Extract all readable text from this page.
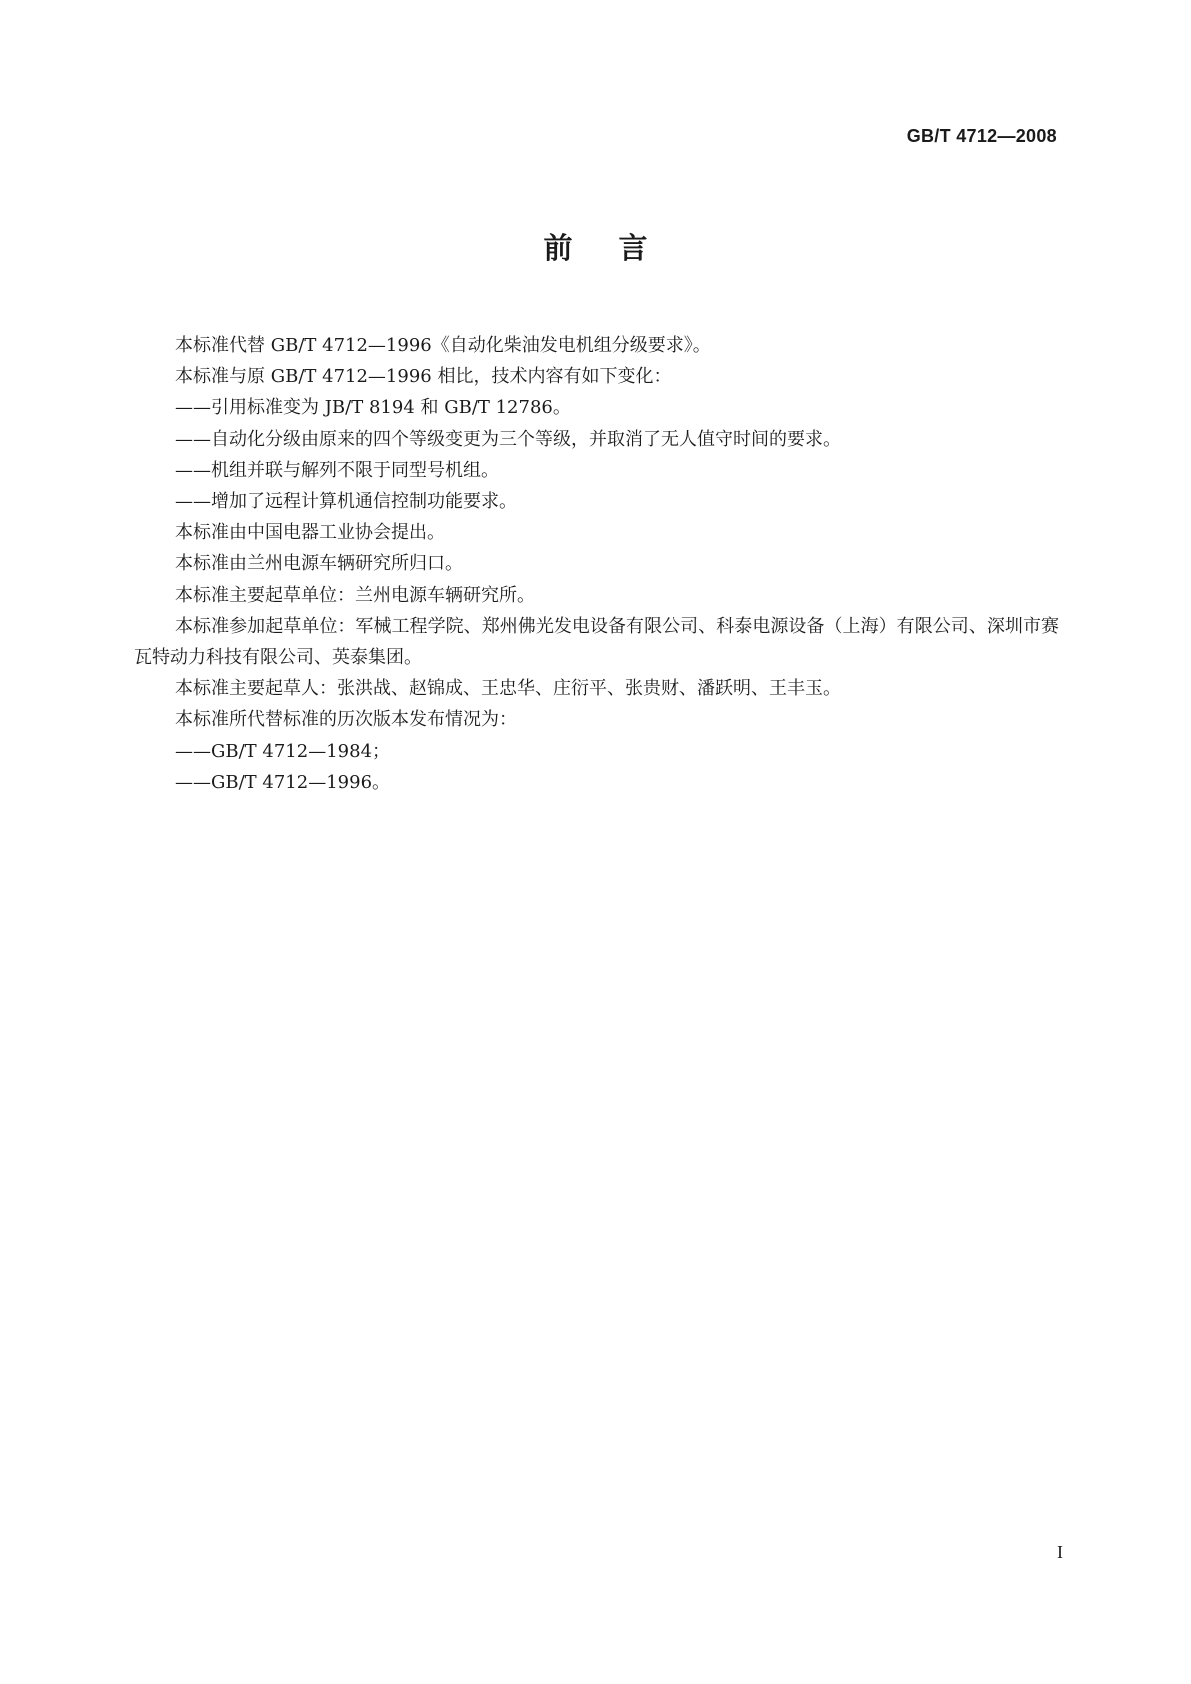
GB/T 4712—2008
前言

本标准代替 GB/T 4712—1996《自动化柴油发电机组分级要求》。

本标准与原 GB/T 4712—1996 相比，技术内容有如下变化：

——引用标准变为 JB/T 8194 和 GB/T 12786。

——自动化分级由原来的四个等级变更为三个等级，并取消了无人值守时间的要求。

——机组并联与解列不限于同型号机组。

——增加了远程计算机通信控制功能要求。

本标准由中国电器工业协会提出。

本标准由兰州电源车辆研究所归口。

本标准主要起草单位：兰州电源车辆研究所。

本标准参加起草单位：军械工程学院、郑州佛光发电设备有限公司、科泰电源设备（上海）有限公司、深圳市赛瓦特动力科技有限公司、英泰集团。

本标准主要起草人：张洪战、赵锦成、王忠华、庄衍平、张贵财、潘跃明、王丰玉。

本标准所代替标准的历次版本发布情况为：

——GB/T 4712—1984；

——GB/T 4712—1996。

I
